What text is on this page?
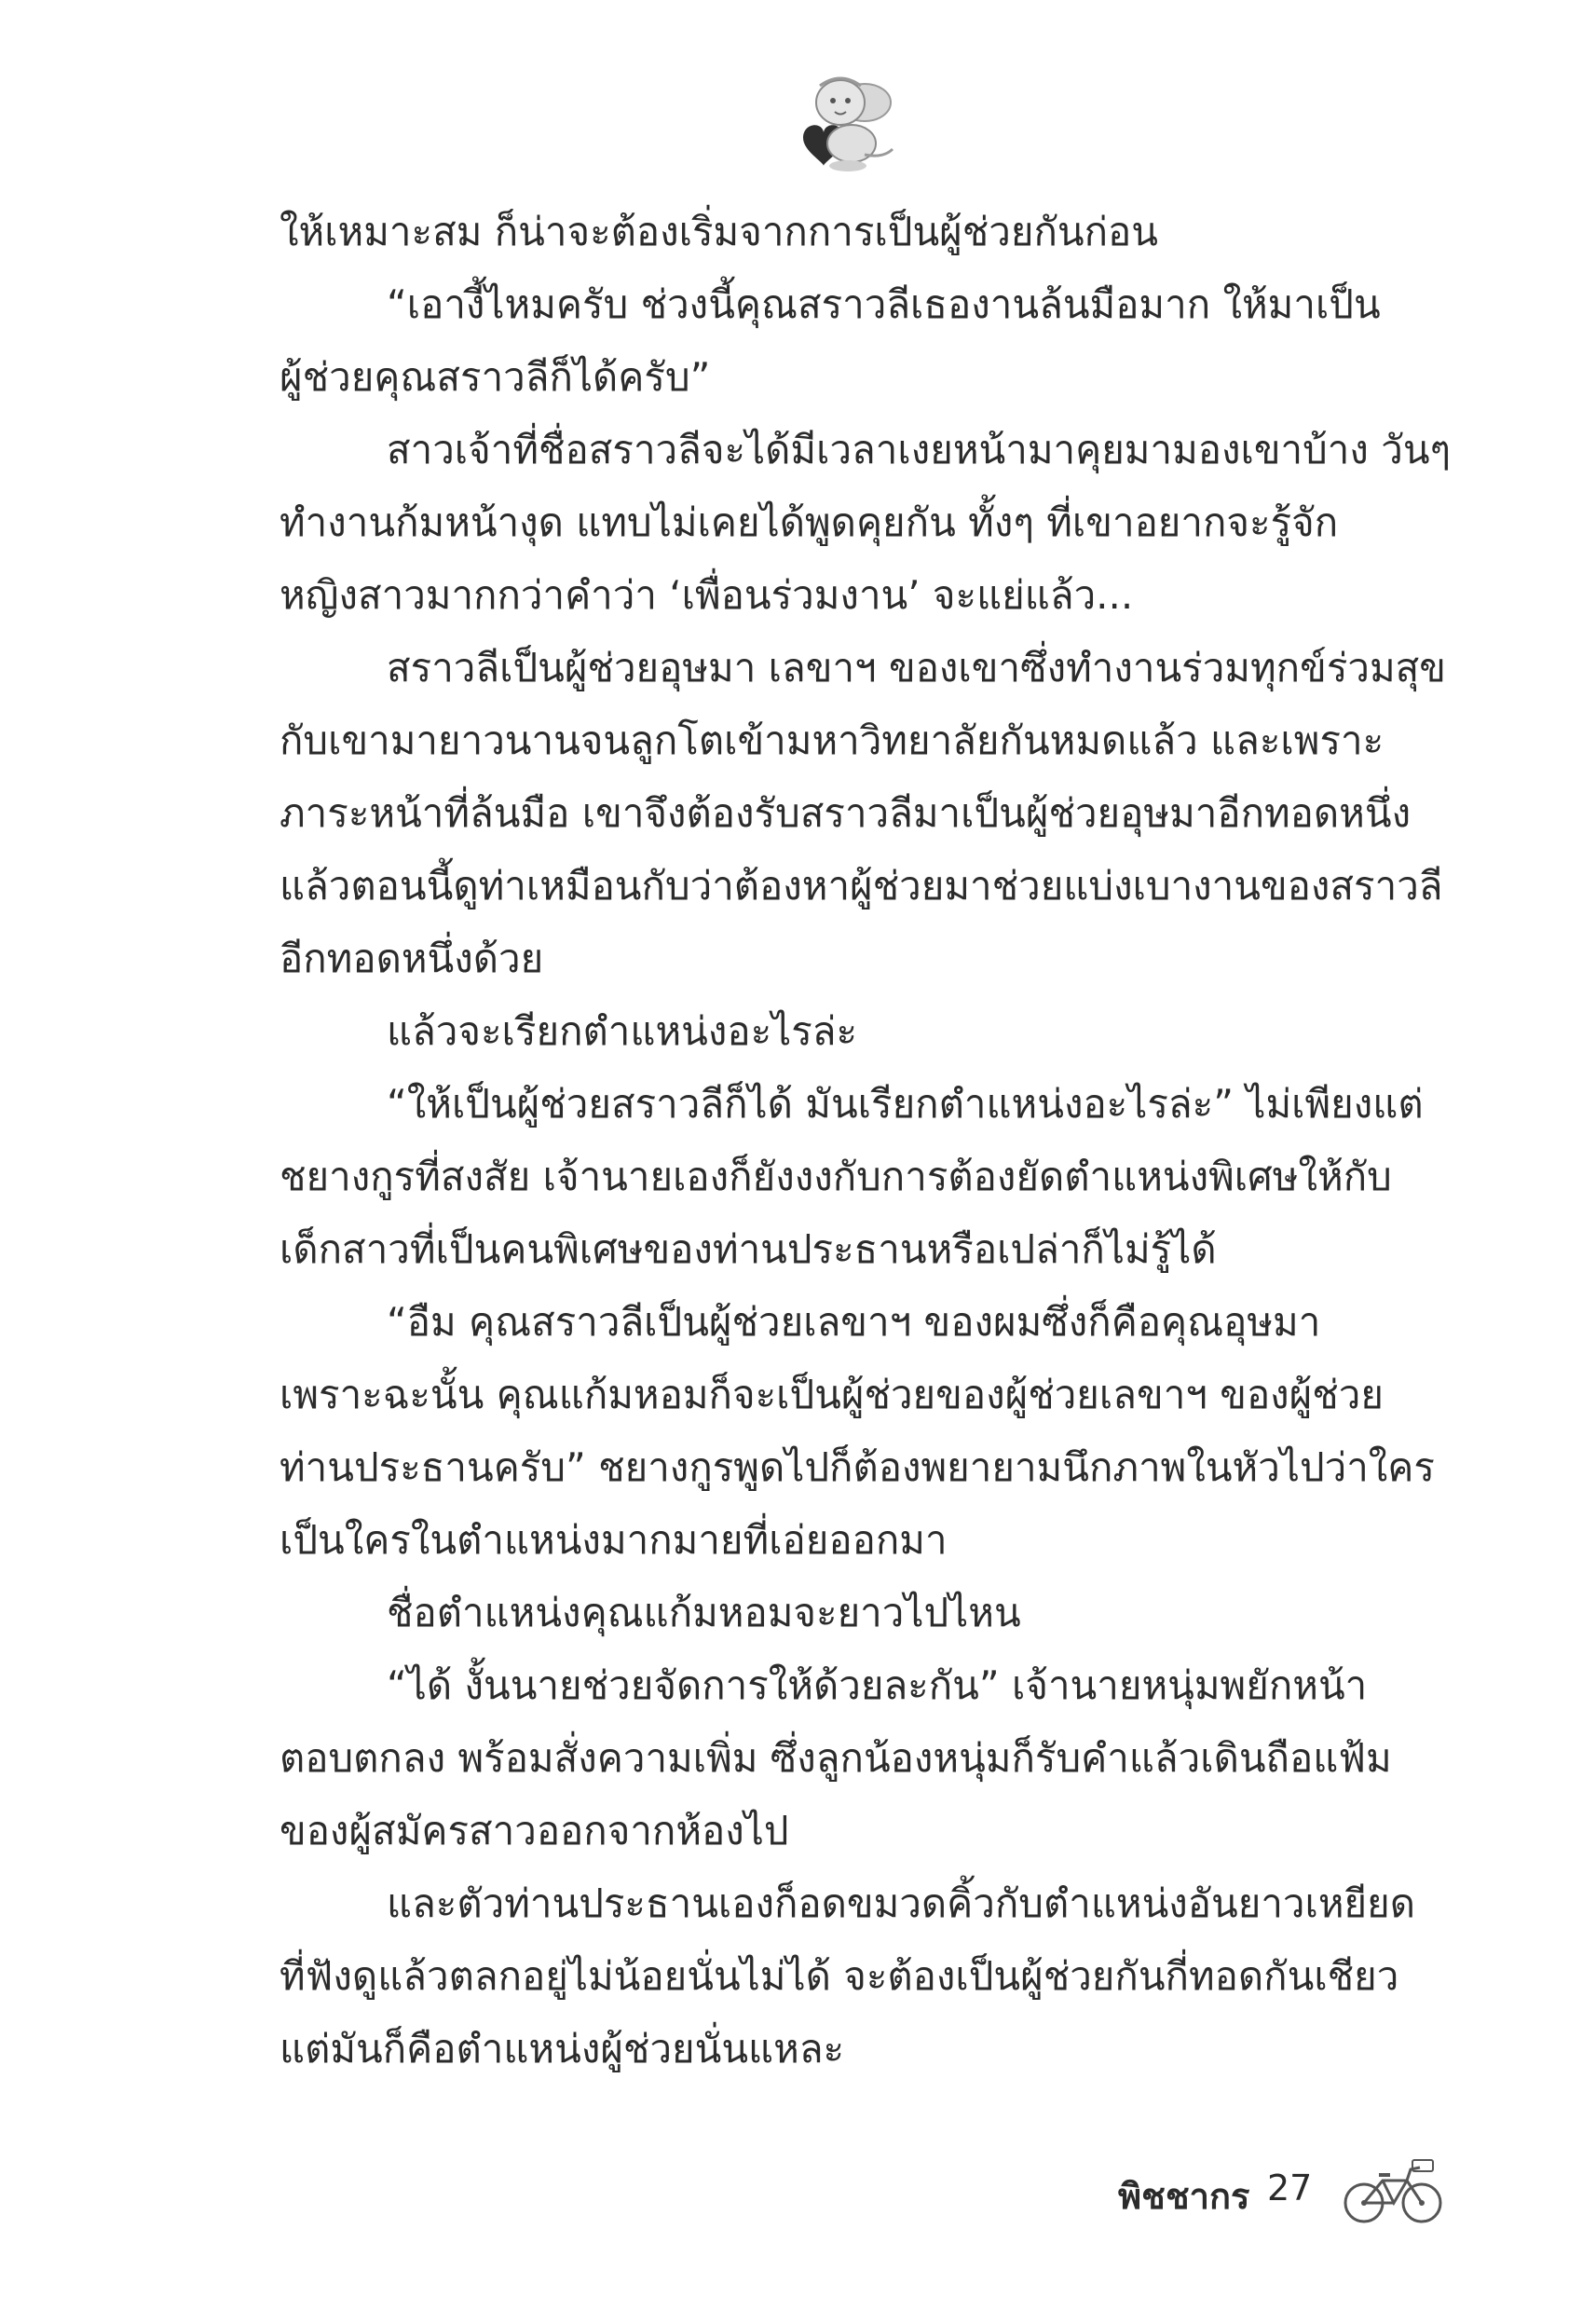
ให้เหมาะสม ก็น่าจะต้องเริ่มจากการเป็นผู้ช่วยกันก่อน
“เอางี้ไหมครับ ช่วงนี้คุณสราวลีเธองานล้นมือมาก ให้มาเป็น
ผู้ช่วยคุณสราวลีก็ได้ครับ”
สาวเจ้าที่ชื่อสราวลีจะได้มีเวลาเงยหน้ามาคุยมามองเขาบ้าง วันๆ
ทำงานก้มหน้างุด แทบไม่เคยได้พูดคุยกัน ทั้งๆ ที่เขาอยากจะรู้จัก
หญิงสาวมากกว่าคำว่า ‘เพื่อนร่วมงาน’ จะแย่แล้ว...
สราวลีเป็นผู้ช่วยอุษมา เลขาฯ ของเขาซึ่งทำงานร่วมทุกข์ร่วมสุข
กับเขามายาวนานจนลูกโตเข้ามหาวิทยาลัยกันหมดแล้ว และเพราะ
ภาระหน้าที่ล้นมือ เขาจึงต้องรับสราวลีมาเป็นผู้ช่วยอุษมาอีกทอดหนึ่ง
แล้วตอนนี้ดูท่าเหมือนกับว่าต้องหาผู้ช่วยมาช่วยแบ่งเบางานของสราวลี
อีกทอดหนึ่งด้วย
แล้วจะเรียกตำแหน่งอะไรล่ะ
“ให้เป็นผู้ช่วยสราวลีก็ได้ มันเรียกตำแหน่งอะไรล่ะ” ไม่เพียงแต่
ชยางกูรที่สงสัย เจ้านายเองก็ยังงงกับการต้องยัดตำแหน่งพิเศษให้กับ
เด็กสาวที่เป็นคนพิเศษของท่านประธานหรือเปล่าก็ไม่รู้ได้
“อืม คุณสราวลีเป็นผู้ช่วยเลขาฯ ของผมซึ่งก็คือคุณอุษมา
เพราะฉะนั้น คุณแก้มหอมก็จะเป็นผู้ช่วยของผู้ช่วยเลขาฯ ของผู้ช่วย
ท่านประธานครับ” ชยางกูรพูดไปก็ต้องพยายามนึกภาพในหัวไปว่าใคร
เป็นใครในตำแหน่งมากมายที่เอ่ยออกมา
ชื่อตำแหน่งคุณแก้มหอมจะยาวไปไหน
“ได้ งั้นนายช่วยจัดการให้ด้วยละกัน” เจ้านายหนุ่มพยักหน้า
ตอบตกลง พร้อมสั่งความเพิ่ม ซึ่งลูกน้องหนุ่มก็รับคำแล้วเดินถือแฟ้ม
ของผู้สมัครสาวออกจากห้องไป
และตัวท่านประธานเองก็อดขมวดคิ้วกับตำแหน่งอันยาวเหยียด
ที่ฟังดูแล้วตลกอยู่ไม่น้อยนั่นไม่ได้ จะต้องเป็นผู้ช่วยกันกี่ทอดกันเชียว
แต่มันก็คือตำแหน่งผู้ช่วยนั่นแหละ
พิชชากร 27
